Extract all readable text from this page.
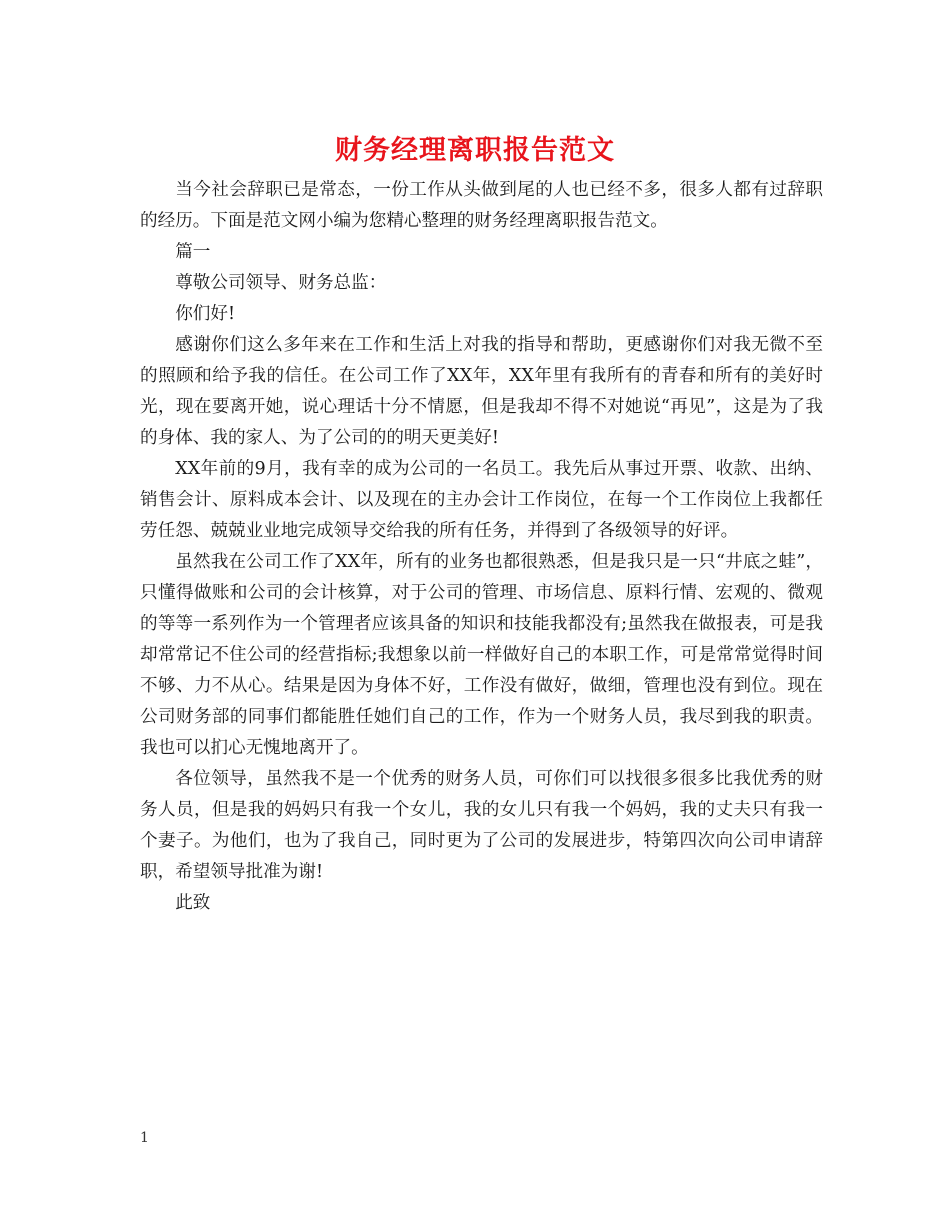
财务经理离职报告范文

当今社会辞职已是常态，一份工作从头做到尾的人也已经不多，很多人都有过辞职的经历。下面是范文网小编为您精心整理的财务经理离职报告范文。

篇一

尊敬公司领导、财务总监：

你们好!

感谢你们这么多年来在工作和生活上对我的指导和帮助，更感谢你们对我无微不至的照顾和给予我的信任。在公司工作了XX年，XX年里有我所有的青春和所有的美好时光，现在要离开她，说心理话十分不情愿，但是我却不得不对她说“再见”，这是为了我的身体、我的家人、为了公司的的明天更美好!

XX年前的9月，我有幸的成为公司的一名员工。我先后从事过开票、收款、出纳、销售会计、原料成本会计、以及现在的主办会计工作岗位，在每一个工作岗位上我都任劳任怨、兢兢业业地完成领导交给我的所有任务，并得到了各级领导的好评。

虽然我在公司工作了XX年，所有的业务也都很熟悉，但是我只是一只“井底之蛙”，只懂得做账和公司的会计核算，对于公司的管理、市场信息、原料行情、宏观的、微观的等等一系列作为一个管理者应该具备的知识和技能我都没有;虽然我在做报表，可是我却常常记不住公司的经营指标;我想象以前一样做好自己的本职工作，可是常常觉得时间不够、力不从心。结果是因为身体不好，工作没有做好，做细，管理也没有到位。现在公司财务部的同事们都能胜任她们自己的工作，作为一个财务人员，我尽到我的职责。我也可以扪心无愧地离开了。

各位领导，虽然我不是一个优秀的财务人员，可你们可以找很多很多比我优秀的财务人员，但是我的妈妈只有我一个女儿，我的女儿只有我一个妈妈，我的丈夫只有我一个妻子。为他们，也为了我自己，同时更为了公司的发展进步，特第四次向公司申请辞职，希望领导批准为谢!

此致

1
